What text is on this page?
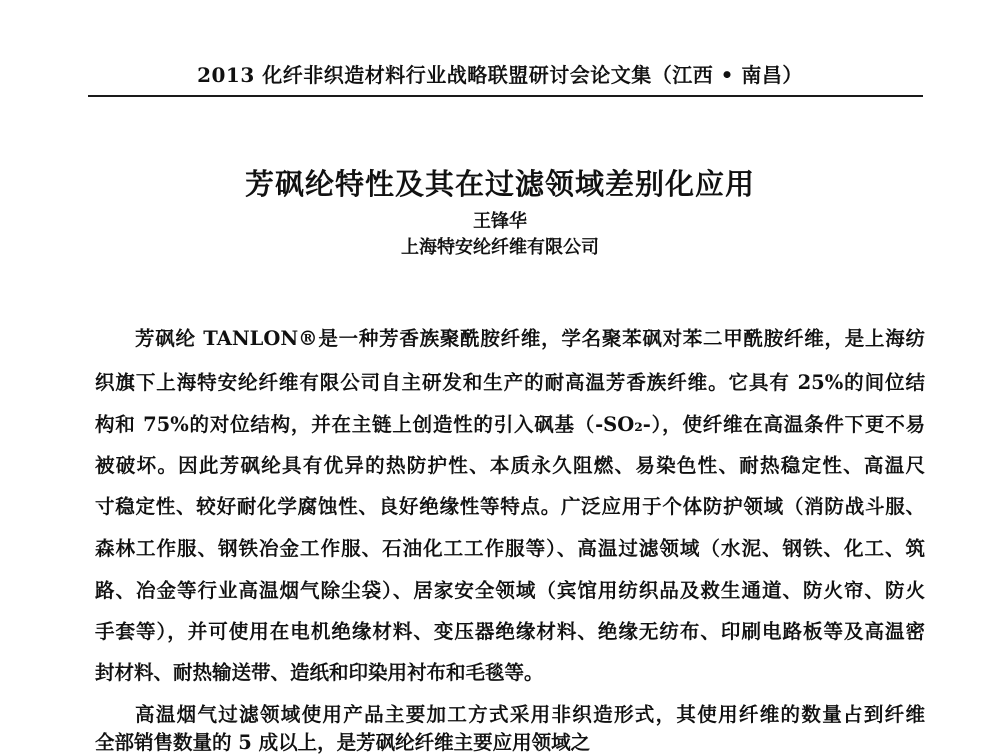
2013 化纤非织造材料行业战略联盟研讨会论文集（江西 • 南昌）
芳砜纶特性及其在过滤领域差别化应用
王锋华
上海特安纶纤维有限公司
芳砜纶 TANLON®是一种芳香族聚酰胺纤维，学名聚苯砜对苯二甲酰胺纤维，是上海纺
织旗下上海特安纶纤维有限公司自主研发和生产的耐高温芳香族纤维。它具有 25%的间位结
构和 75%的对位结构，并在主链上创造性的引入砜基（-SO₂-），使纤维在高温条件下更不易
被破坏。因此芳砜纶具有优异的热防护性、本质永久阻燃、易染色性、耐热稳定性、高温尺
寸稳定性、较好耐化学腐蚀性、良好绝缘性等特点。广泛应用于个体防护领域（消防战斗服、
森林工作服、钢铁冶金工作服、石油化工工作服等）、高温过滤领域（水泥、钢铁、化工、筑
路、冶金等行业高温烟气除尘袋）、居家安全领域（宾馆用纺织品及救生通道、防火帘、防火
手套等），并可使用在电机绝缘材料、变压器绝缘材料、绝缘无纺布、印刷电路板等及高温密
封材料、耐热输送带、造纸和印染用衬布和毛毯等。
高温烟气过滤领域使用产品主要加工方式采用非织造形式，其使用纤维的数量占到纤维
全部销售数量的 5 成以上，是芳砜纶纤维主要应用领域之
